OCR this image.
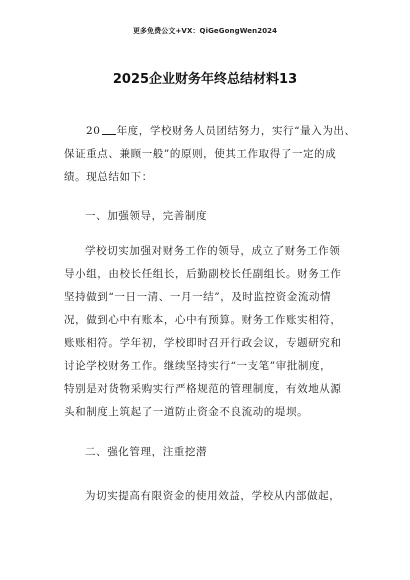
更多免费公文+VX：QiGeGongWen2024
2025企业财务年终总结材料13

20 年度，学校财务人员团结努力，实行“量入为出、

保证重点、兼顾一般”的原则，使其工作取得了一定的成
绩。现总结如下：

一、加强领导，完善制度

学校切实加强对财务工作的领导，成立了财务工作领
导小组，由校长任组长，后勤副校长任副组长。财务工作
坚持做到“一日一清、一月一结”，及时监控资金流动情
况，做到心中有账本，心中有预算。财务工作账实相符，
账账相符。学年初，学校即时召开行政会议，专题研究和
讨论学校财务工作。继续坚持实行“一支笔”审批制度，
特别是对货物采购实行严格规范的管理制度，有效地从源
头和制度上筑起了一道防止资金不良流动的堤坝。

二、强化管理，注重挖潜

为切实提高有限资金的使用效益，学校从内部做起，
